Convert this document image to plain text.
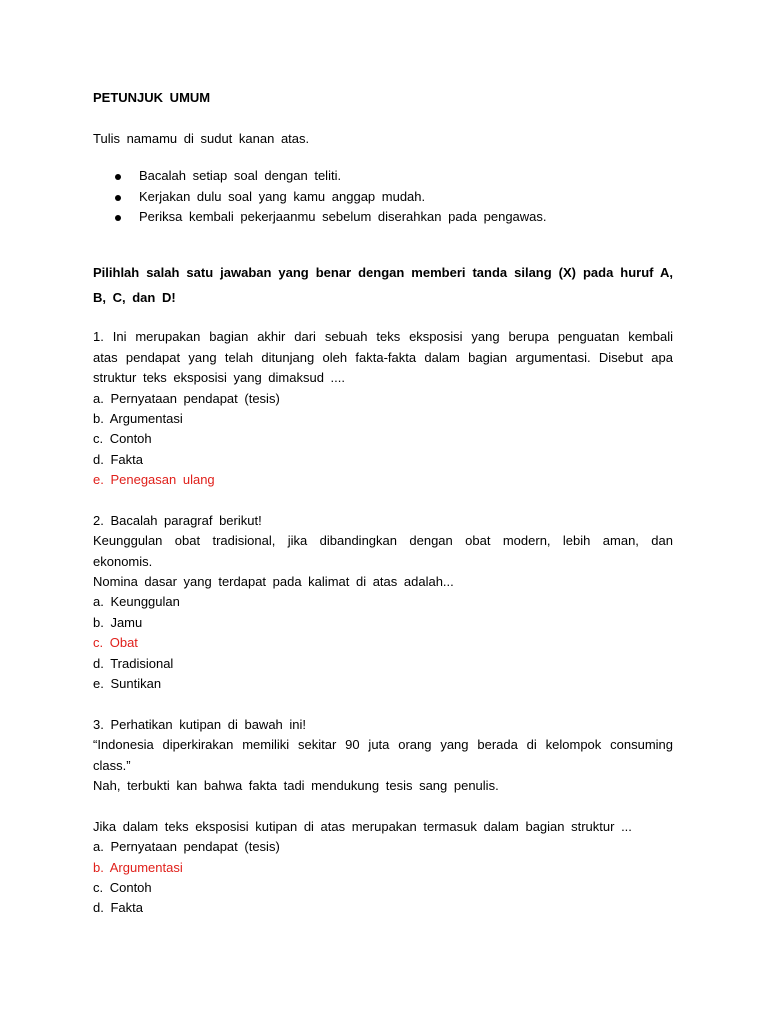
PETUNJUK UMUM
Tulis namamu di sudut kanan atas.
Bacalah setiap soal dengan teliti.
Kerjakan dulu soal yang kamu anggap mudah.
Periksa kembali pekerjaanmu sebelum diserahkan pada pengawas.
Pilihlah salah satu jawaban yang benar dengan memberi tanda silang (X) pada huruf A, B, C, dan D!
1. Ini merupakan bagian akhir dari sebuah teks eksposisi yang berupa penguatan kembali
atas pendapat yang telah ditunjang oleh fakta-fakta dalam bagian argumentasi. Disebut apa
struktur teks eksposisi yang dimaksud ....
a. Pernyataan pendapat (tesis)
b. Argumentasi
c. Contoh
d. Fakta
e. Penegasan ulang
2. Bacalah paragraf berikut!
Keunggulan obat tradisional, jika dibandingkan dengan obat modern, lebih aman, dan
ekonomis.
Nomina dasar yang terdapat pada kalimat di atas adalah...
a. Keunggulan
b. Jamu
c. Obat
d. Tradisional
e. Suntikan
3. Perhatikan kutipan di bawah ini!
“Indonesia diperkirakan memiliki sekitar 90 juta orang yang berada di kelompok consuming
class.”
Nah, terbukti kan bahwa fakta tadi mendukung tesis sang penulis.
Jika dalam teks eksposisi kutipan di atas merupakan termasuk dalam bagian struktur ...
a. Pernyataan pendapat (tesis)
b. Argumentasi
c. Contoh
d. Fakta
